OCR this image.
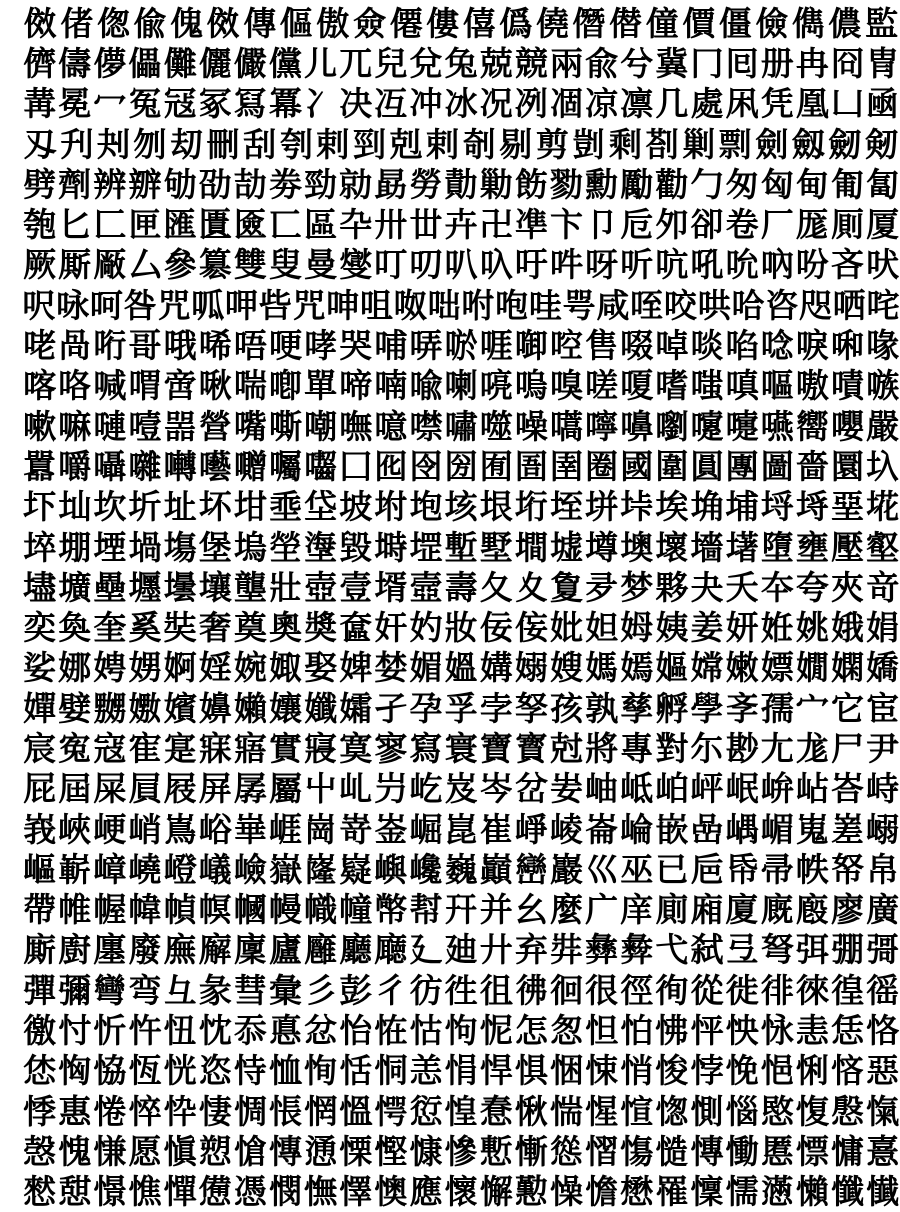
傚 偖 偬 偸 傀 傚 傳 傴 傲 僉 僊 僂 僖 僞 僥 僭 僣 僮 價 僵 儉 儁 儂 監
儕 儔 儚 儡 儺 儷 儼 儻 儿 兀 兒 兌 兔 兢 競 兩 兪 兮 冀 冂 囘 册 冉 冏 冑
冓 冕 冖 冤 冦 冢 冩 冪 冫 决 冱 冲 冰 况 冽 凅 凉 凛 几 處 凩 凭 凰 凵 凾
刄 刋 刔 刎 刧 刪 刮 刳 剌 剄 剋 剌 剞 剔 剪 剴 剩 剳 剿 剽 劍 劔 劒 剱
劈 劑 辨 辧 劬 劭 劼 劵 勁 勍 勗 勞 勣 勦 飭 勠 勳 勵 勸 勹 匆 匈 甸 匍 匐
匏 匕 匚 匣 匯 匱 匳 匸 區 卆 卅 丗 卉 卍 凖 卞 卩 卮 夘 卻 卷 厂 厖 厠 厦
厥 厮 厰 厶 參 簒 雙 叟 曼 燮 叮 叨 叭 叺 吁 吽 呀 听 吭 吼 吮 吶 吩 吝 吠
呎 咏 呵 咎 咒 呱 呷 呰 咒 呻 咀 呶 咄 咐 咆 哇 咢 咸 咥 咬 哄 哈 咨 咫 哂 咤
咾 咼 哘 哥 哦 唏 唔 哽 哮 哭 哺 哢 唹 啀 啣 啌 售 啜 啅 啖 啗 唸 唳 啝 喙
喀 咯 喊 喟 啻 啾 喘 喞 單 啼 喃 喩 喇 喨 嗚 嗅 嗟 嗄 嗜 嗤 嗔 嘔 嗷 嘖 嗾
嗽 嘛 嗹 噎 噐 營 嘴 嘶 嘲 嘸 噫 噤 嘯 噬 噪 嚆 嚀 嚊 嚠 嚔 嚏 嚥 嚮 嚶 嚴
囂 嚼 囁 囃 囀 囈 囎 囑 囓 囗 囮 囹 圀 囿 圄 圉 圈 國 圍 圓 團 圖 嗇 圜 圦
圷 圸 坎 圻 址 坏 坩 埀 垈 坡 坿 垉 垓 垠 垳 垤 垪 垰 埃 埆 埔 埒 埓 堊 埖
埣 堋 堙 堝 塲 堡 塢 塋 塰 毀 塒 堽 塹 墅 墹 墟 墫 墺 壞 墻 墸 墮 壅 壓 壑
壗 壙 壘 壥 壜 壤 壟 壯 壺 壹 壻 壼 壽 夂 夊 夐 夛 梦 夥 夬 夭 夲 夸 夾 竒
奕 奐 奎 奚 奘 奢 奠 奧 奬 奩 奸 妁 妝 佞 侫 妣 妲 姆 姨 姜 妍 姙 姚 娥 娟
娑 娜 娉 娚 婀 婬 婉 娵 娶 婢 婪 媚 媼 媾 嫋 嫂 媽 嫣 嫗 嫦 嫩 嫖 嫺 嫻 嬌
嬋 嬖 嬲 嫐 嬪 嬶 嬾 孃 孅 孀 孑 孕 孚 孛 孥 孩 孰 孳 孵 學 斈 孺 宀 它 宦
宸 寃 寇 寉 寔 寐 寤 實 寢 寞 寥 寫 寰 寶 寳 尅 將 專 對 尓 尠 尢 尨 尸 尹
屁 屆 屎 屓 屐 屏 孱 屬 屮 乢 屶 屹 岌 岑 岔 妛 岫 岻 岶 岼 岷 峅 岾 峇 峙
峩 峽 峺 峭 嶌 峪 崋 崕 崗 嵜 崟 崛 崑 崔 崢 崚 崙 崘 嵌 嵒 嵎 嵋 嵬 嵳 嵶
嶇 嶄 嶂 嶢 嶝 嶬 嶮 嶽 嶐 嶷 嶼 巉 巍 巓 巒 巖 巛 巫 已 巵 帋 帚 帙 帑 帛
帶 帷 幄 幃 幀 幎 幗 幔 幟 幢 幤 幇 幵 并 幺 麼 广 庠 廁 廂 廈 廐 廏 廖 廣
廝 廚 廛 廢 廡 廨 廩 廬 廱 廳 廰 廴 廸 廾 弃 弉 彝 彜 弋 弑 弖 弩 弭 弸 彁
彈 彌 彎 弯 彑 彖 彗 彙 彡 彭 彳 彷 徃 徂 彿 徊 很 徑 徇 從 徙 徘 徠 徨 徭
徼 忖 忻 忤 忸 忱 忝 悳 忿 怡 恠 怙 怐 怩 怎 怱 怛 怕 怫 怦 怏 怺 恚 恁 恪
恷 恟 恊 恆 恍 恣 恃 恤 恂 恬 恫 恙 悁 悍 惧 悃 悚 悄 悛 悖 悗 悒 悧 悋 惡
悸 惠 惓 悴 忰 悽 惆 悵 惘 慍 愕 愆 惶 惷 愀 惴 惺 愃 愡 惻 惱 愍 愎 慇 愾
愨 愧 慊 愿 愼 愬 愴 慱 慂 慄 慳 慷 慘 慙 慚 慫 慴 慯 慥 慱 慟 慝 慓 慵 憙
憖 憇 憬 憔 憚 憊 憑 憫 憮 懌 懊 應 懷 懈 懃 懆 憺 懋 罹 懍 懦 懣 懶 懺 懴
